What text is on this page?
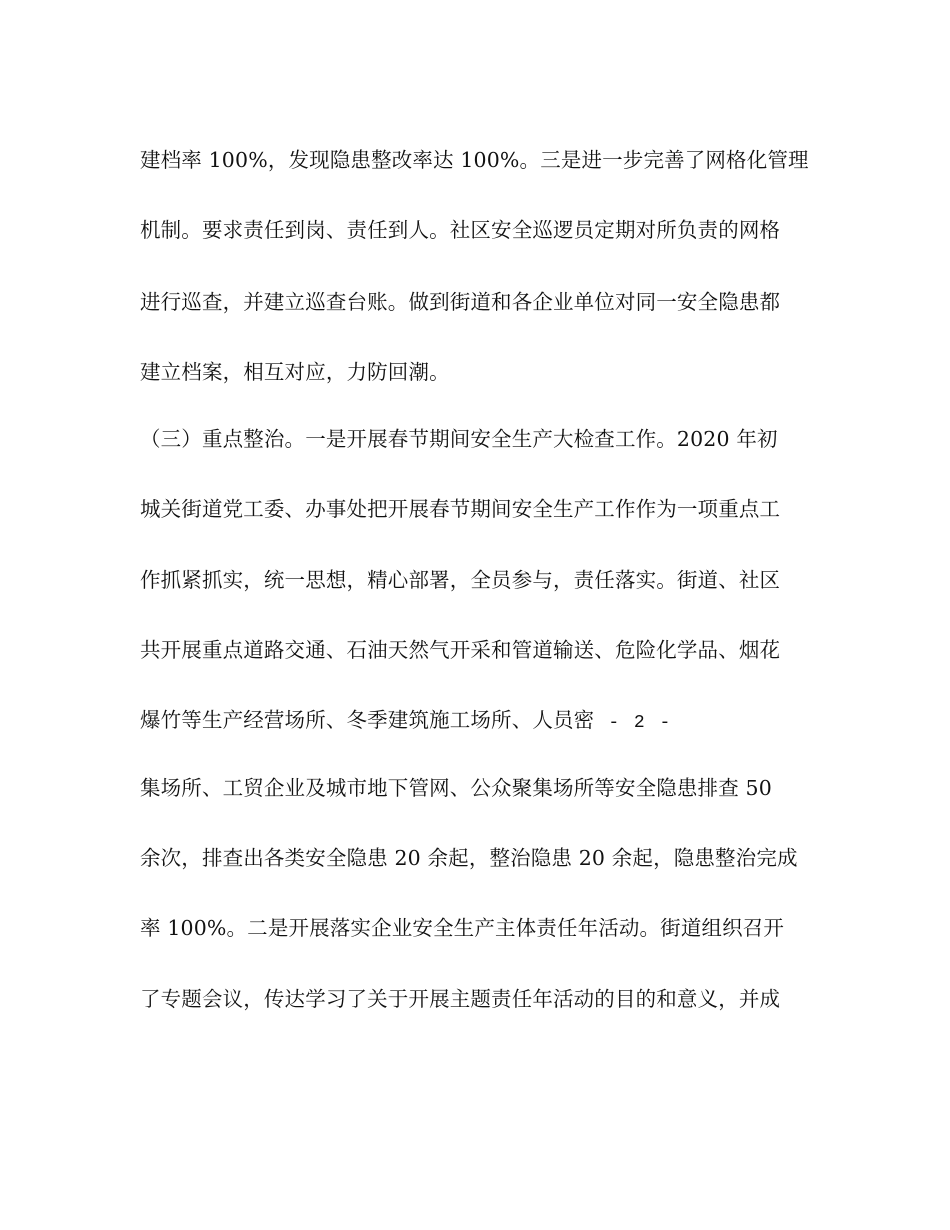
建档率 100%，发现隐患整改率达 100%。三是进一步完善了网格化管理
机制。要求责任到岗、责任到人。社区安全巡逻员定期对所负责的网格
进行巡查，并建立巡查台账。做到街道和各企业单位对同一安全隐患都
建立档案，相互对应，力防回潮。
（三）重点整治。一是开展春节期间安全生产大检查工作。2020 年初
城关街道党工委、办事处把开展春节期间安全生产工作作为一项重点工
作抓紧抓实，统一思想，精心部署，全员参与，责任落实。街道、社区
共开展重点道路交通、石油天然气开采和管道输送、危险化学品、烟花
爆竹等生产经营场所、冬季建筑施工场所、人员密 - 2 -
集场所、工贸企业及城市地下管网、公众聚集场所等安全隐患排查 50
余次，排查出各类安全隐患 20 余起，整治隐患 20 余起，隐患整治完成
率 100%。二是开展落实企业安全生产主体责任年活动。街道组织召开
了专题会议，传达学习了关于开展主题责任年活动的目的和意义，并成
